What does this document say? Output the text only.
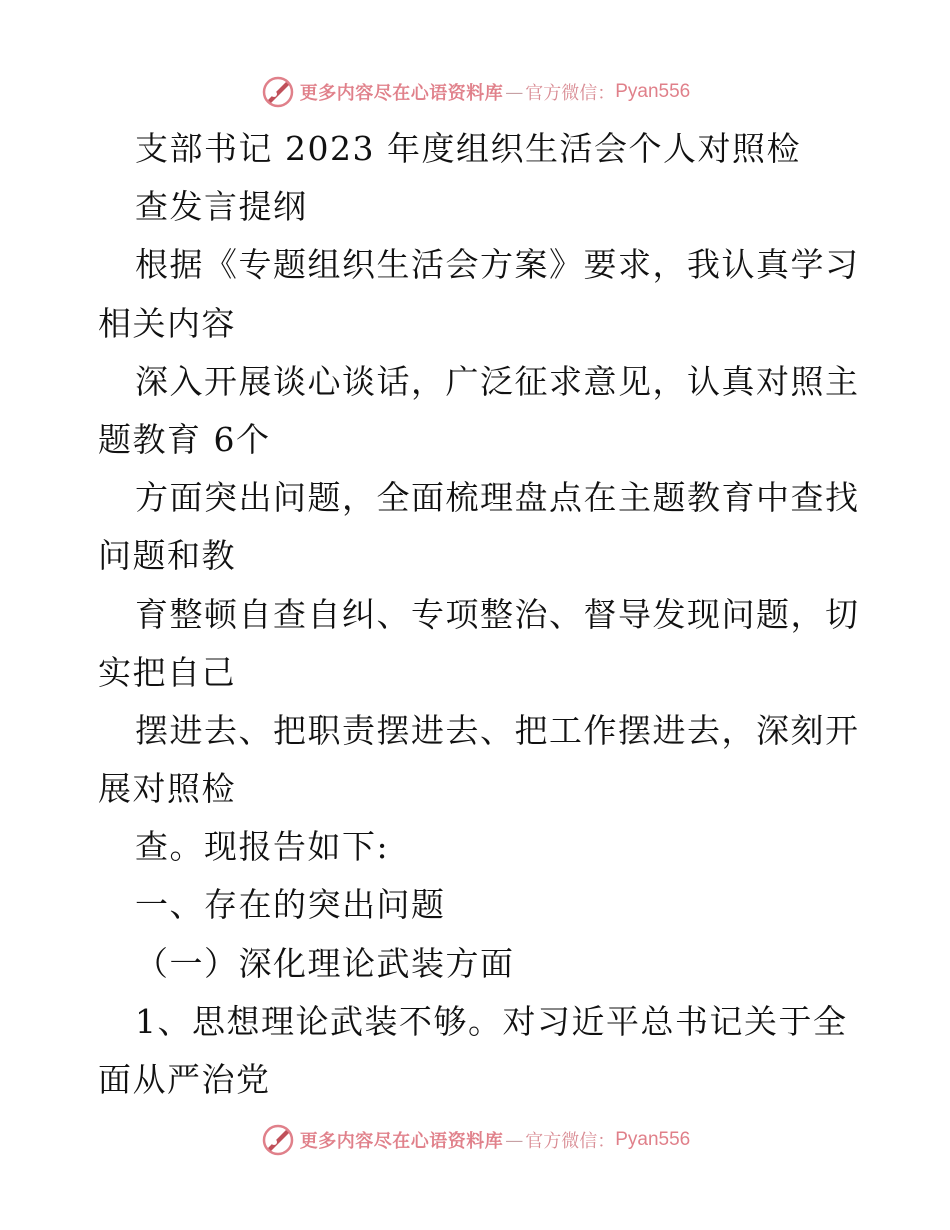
更多内容尽在心语资料库 — 官方微信： Pyan556
支部书记 2023 年度组织生活会个人对照检
查发言提纲
根据《专题组织生活会方案》要求，我认真学习
相关内容
深入开展谈心谈话，广泛征求意见，认真对照主
题教育 6个
方面突出问题，全面梳理盘点在主题教育中查找
问题和教
育整顿自查自纠、专项整治、督导发现问题，切
实把自己
摆进去、把职责摆进去、把工作摆进去，深刻开
展对照检
查。现报告如下:
一、存在的突出问题
（一）深化理论武装方面
1、思想理论武装不够。对习近平总书记关于全
面从严治党
更多内容尽在心语资料库 — 官方微信： Pyan556
